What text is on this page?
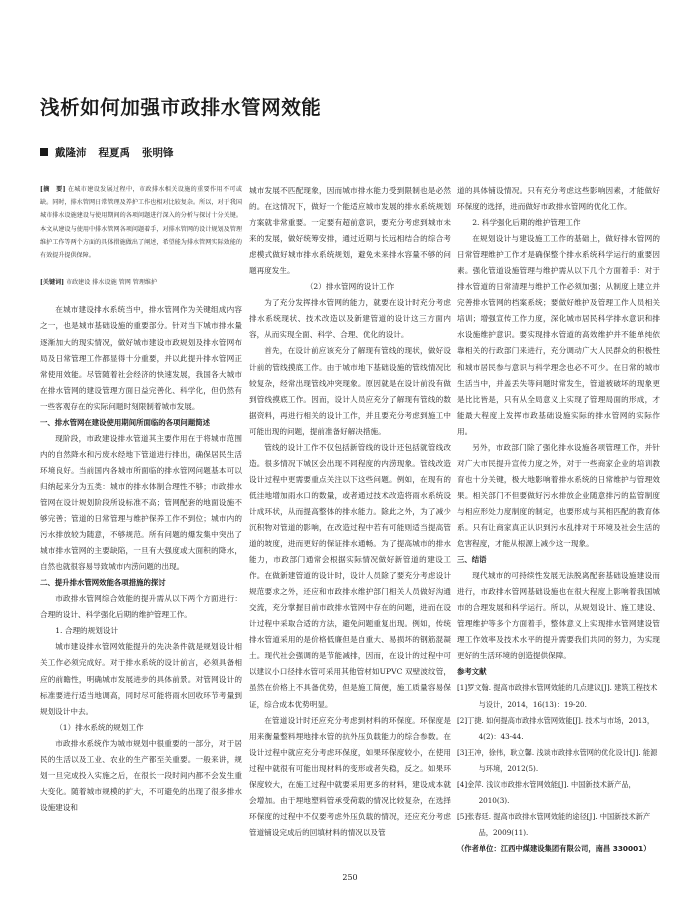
浅析如何加强市政排水管网效能
戴隆沛 程夏禹 张明锋
[摘　要] 在城市建设发展过程中，市政排水相关设施的重要作用不可或缺。同时，排水管网日常管理及养护工作也相对比较复杂。所以，对于我国城市排水设施建设与使用期间的各项问题进行深入的分析与探讨十分关键。本文从建设与使用中排水管网各项问题着手，对排水管网的设计规划及管理维护工作等两个方面的具体措施做出了阐述，希望能为排水管网实际效能的有效提升提供保障。
[关键词] 市政建设 排水设施 管网 管理维护

在城市建设排水系统当中，排水管网作为关键组成内容之一，也是城市基础设施的重要部分。针对当下城市排水量逐渐加大的现实情况，做好城市建设市政规划及排水管网布局及日常管理工作都显得十分重要，并以此提升排水管网正常使用效能。尽管随着社会经济的快速发展，我国各大城市在排水管网的建设管理方面日益完善化、科学化，但仍然有一些客观存在的实际问题时刻限制着城市发展。

一、排水管网在建设使用期间所面临的各项问题简述

现阶段，市政建设排水管道其主要作用在于将城市范围内的自然降水和污废水经地下管道进行排出，确保居民生活环境良好。当前国内各城市所面临的排水管网问题基本可以归纳起来分为五类：城市的排水体制合理性不够；市政排水管网在设计规划阶段所设标准不高；管网配套的地面设施不够完善；管道的日常管理与维护保养工作不到位；城市内的污水排放较为随意，不够规范。所有问题的爆发集中突出了城市排水管网的主要缺陷，一旦有大强度或大面积的降水，自然也就很容易导致城市内涝问题的出现。

二、提升排水管网效能各项措施的探讨

市政排水管网综合效能的提升需从以下两个方面进行：合理的设计、科学强化后期的维护管理工作。

1. 合理的规划设计

城市建设排水管网效能提升的先决条件就是规划设计相关工作必须完成好。对于排水系统的设计前言，必须具备相应的前瞻性，明确城市发展进步的具体前景。对管网设计的标准要进行适当地调高，同时尽可能将雨水回收环节考量到规划设计中去。

（1）排水系统的规划工作

市政排水系统作为城市规划中很重要的一部分，对于居民的生活以及工业、农业的生产都至关重要。一般来讲，规划一旦完成投入实施之后，在很长一段时间内都不会发生重大变化。随着城市规模的扩大，不可避免的出现了很多排水设施建设和

城市发展不匹配现象，因而城市排水能力受到限制也是必然的。在这情况下，做好一个能适应城市发展的排水系统规划方案就非常重要。一定要有超前意识，要充分考虑到城市未来的发展，做好统筹安排，通过近期与长远相结合的综合考虑模式做好城市排水系统规划，避免未来排水容量不够的问题再度发生。

（2）排水管网的设计工作

为了充分发挥排水管网的能力，就要在设计时充分考虑排水系统现状、技术改造以及新建管道的设计这三方面内容，从而实现全面、科学、合理、优化的设计。

首先，在设计前应该充分了解现有管线的现状，做好设计前的管线摸底工作。由于城市地下基础设施的管线情况比较复杂，经常出现管线冲突现象。原因就是在设计前没有做到管线摸底工作。因而，设计人员应充分了解现有管线的数据资料，再进行相关的设计工作，并且要充分考虑到施工中可能出现的问题，提前准备好解决措施。

管线的设计工作不仅包括新管线的设计还包括就管线改造。很多情况下城区会出现不同程度的内涝现象。管线改造设计过程中更需要重点关注以下这些问题。例如，在现有的低洼地增加雨水口的数量，或者通过技术改造将雨水系统设计成环状，从而提高整体的排水能力。除此之外，为了减少沉积物对管道的影响，在改造过程中若有可能则适当提高管道的坡度，进而更好的保证排水通畅。为了提高城市的排水能力，市政部门通常会根据实际情况做好新管道的建设工作。在做新建管道的设计时，设计人员除了要充分考虑设计规范要求之外，还应和市政排水维护部门相关人员做好沟通交流，充分掌握目前市政排水管网中存在的问题，进而在设计过程中采取合适的方法，避免问题重复出现。例如，传统排水管道采用的是价格低廉但是自重大、易损坏的钢筋混凝土。现代社会强调的是节能减排，因而，在设计的过程中可以建议小口径排水管可采用其他管材如UPVC 双壁波纹管，虽然在价格上不具备优势，但是施工简便，施工质量容易保证，综合成本优势明显。

在管道设计时还应充分考虑到材料的环保度。环保度是用来衡量整料埋地排水管的抗外压负载能力的综合参数。在设计过程中就应充分考虑环保度，如果环保度较小，在使用过程中就很有可能出现材料的变形或者失稳，反之。如果环保度较大，在施工过程中就要采用更多的材料，建设成本就会增加。由于埋地塑料管承受荷载的情况比较复杂，在选择环保度的过程中不仅要考虑外压负载的情况，还应充分考虑管道铺设完成后的回填材料的情况以及管

道的具体铺设情况。只有充分考虑这些影响因素，才能做好环保度的选择，进而做好市政排水管网的优化工作。

2. 科学强化后期的维护管理工作

在规划设计与建设施工工作的基础上，做好排水管网的日常管理维护工作才是确保整个排水系统科学运行的重要因素。强化管道设施管理与维护需从以下几个方面着手：对于排水管道的日常清理与维护工作必须加强；从制度上建立并完善排水管网的档案系统；要做好维护及管理工作人员相关培训；增强宣传工作力度，深化城市居民科学排水意识和排水设施维护意识。要实现排水管道的高效维护并不能单纯依靠相关的行政部门来进行，充分调动广大人民群众的积极性和城市居民参与意识与科学理念也必不可少。在日常的城市生活当中，并盖丢失等问题时常发生，管道被破坏的现象更是比比皆是，只有从全局意义上实现了管理局面的形成，才能最大程度上发挥市政基础设施实际的排水管网的实际作用。

另外，市政部门除了强化排水设施各项管理工作，并针对广大市民提升宣传力度之外，对于一些商家企业的培训教育也十分关键，极大地影响着排水系统的日常维护与管理效果。相关部门不但要做好污水排放企业随意排污的监管制度与相应形处力度制度的制定，也要形成与其相匹配的教育体系。只有让商家真正认识到污水乱排对于环境及社会生活的危害程度，才能从根源上减少这一现象。

三、结语

现代城市的可持续性发展无法脱离配套基础设施建设而进行，市政排水管网基础设施也在很大程度上影响着我国城市的合理发展和科学运行。所以，从规划设计、施工建设、管理维护等多个方面着手，整体意义上实现排水管网建设管理工作效率及技术水平的提升需要我们共同的努力，为实现更好的生活环境的创造提供保障。

参考文献
[1]罗文翰. 提高市政排水管网效能的几点建议[J]. 建筑工程技术与设计，2014，16(13)：19-20.
[2]丁捷. 如何提高市政排水管网效能[J]. 技术与市场，2013，4(2)：43-44.
[3]王冲，徐伟，耿立馨. 浅谈市政排水管网的优化设计[J]. 能源与环境，2012(5).
[4]金萍. 浅议市政排水管网效能[J]. 中国新技术新产品，2010(3).
[5]张春廷. 提高市政排水管网效能的途径[J]. 中国新技术新产品，2009(11).
（作者单位：江西中煤建设集团有限公司，南昌 330001）
250
